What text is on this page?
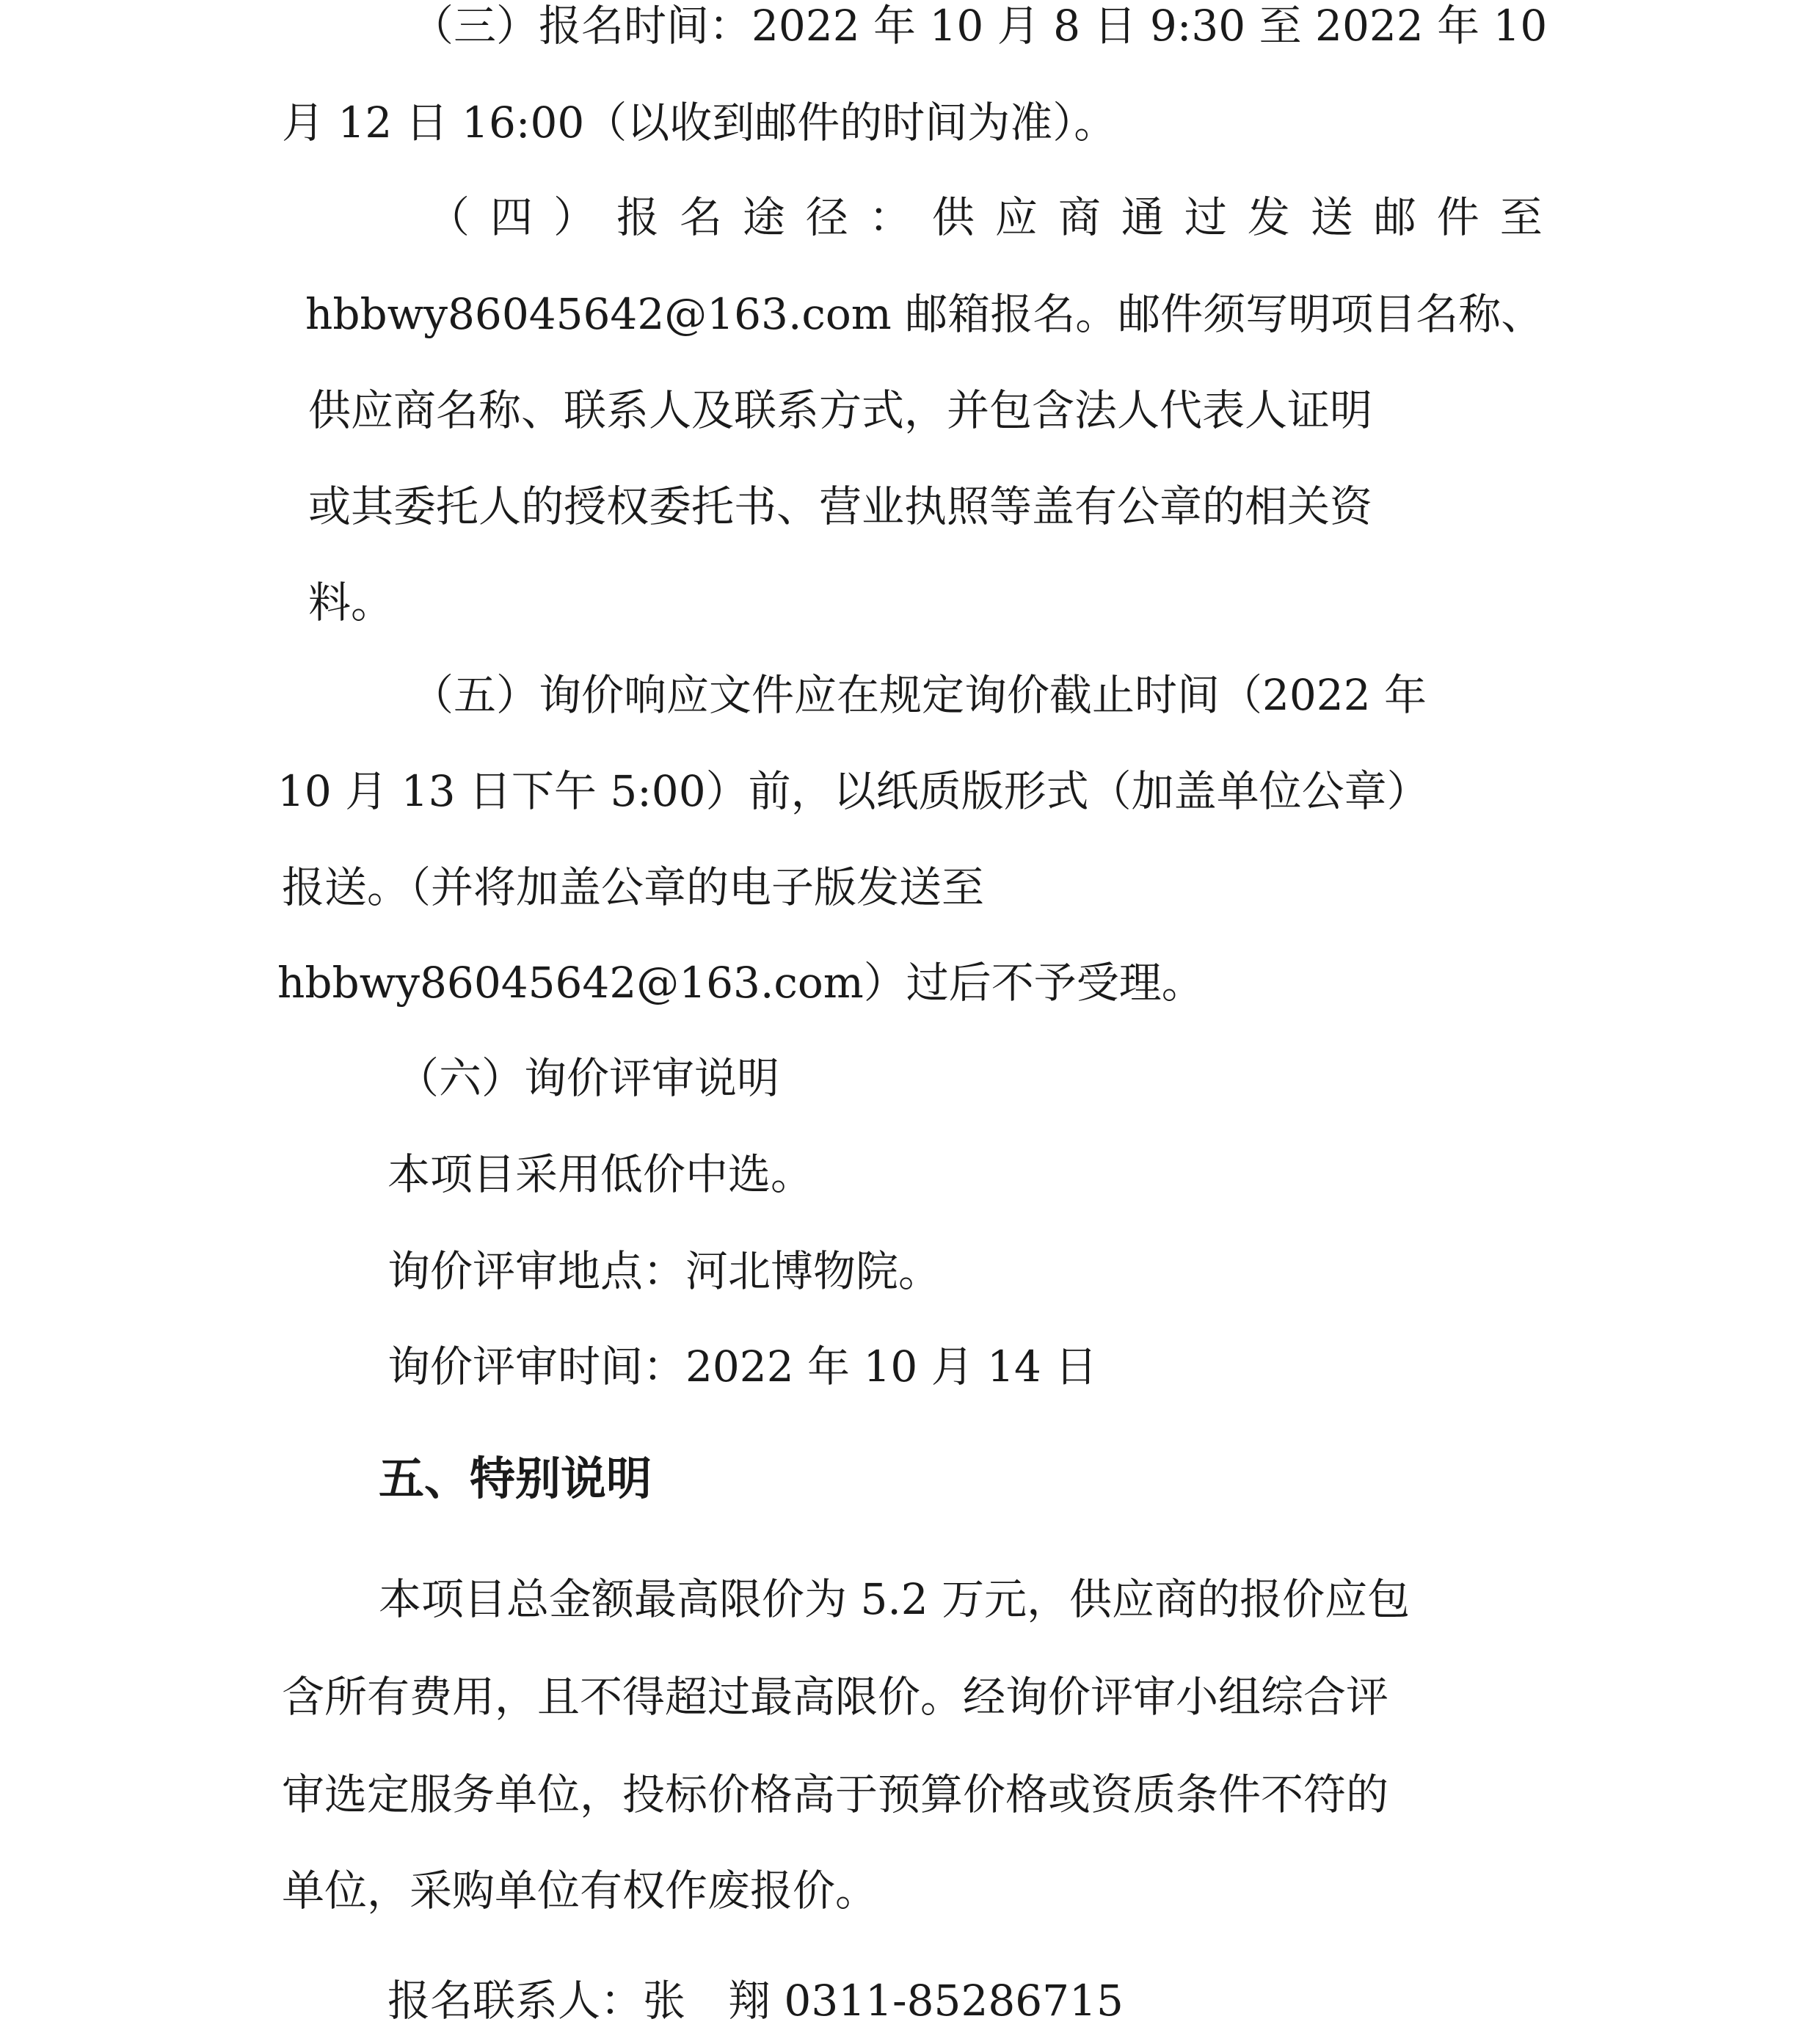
（三）报名时间：2022 年 10 月 8 日 9:30 至 2022 年 10
月 12 日 16:00（以收到邮件的时间为准）。
（ 四 ） 报 名 途 径 ： 供 应 商 通 过 发 送 邮 件 至
hbbwy86045642@163.com 邮箱报名。邮件须写明项目名称、
供应商名称、联系人及联系方式，并包含法人代表人证明
或其委托人的授权委托书、营业执照等盖有公章的相关资
料。
（五）询价响应文件应在规定询价截止时间（2022 年
10 月 13 日下午 5:00）前，以纸质版形式（加盖单位公章）
报送。（并将加盖公章的电子版发送至
hbbwy86045642@163.com）过后不予受理。
（六）询价评审说明
本项目采用低价中选。
询价评审地点：河北博物院。
询价评审时间：2022 年 10 月 14 日
五、特别说明
本项目总金额最高限价为 5.2 万元，供应商的报价应包
含所有费用，且不得超过最高限价。经询价评审小组综合评
审选定服务单位，投标价格高于预算价格或资质条件不符的
单位，采购单位有权作废报价。
报名联系人：张　翔 0311-85286715
